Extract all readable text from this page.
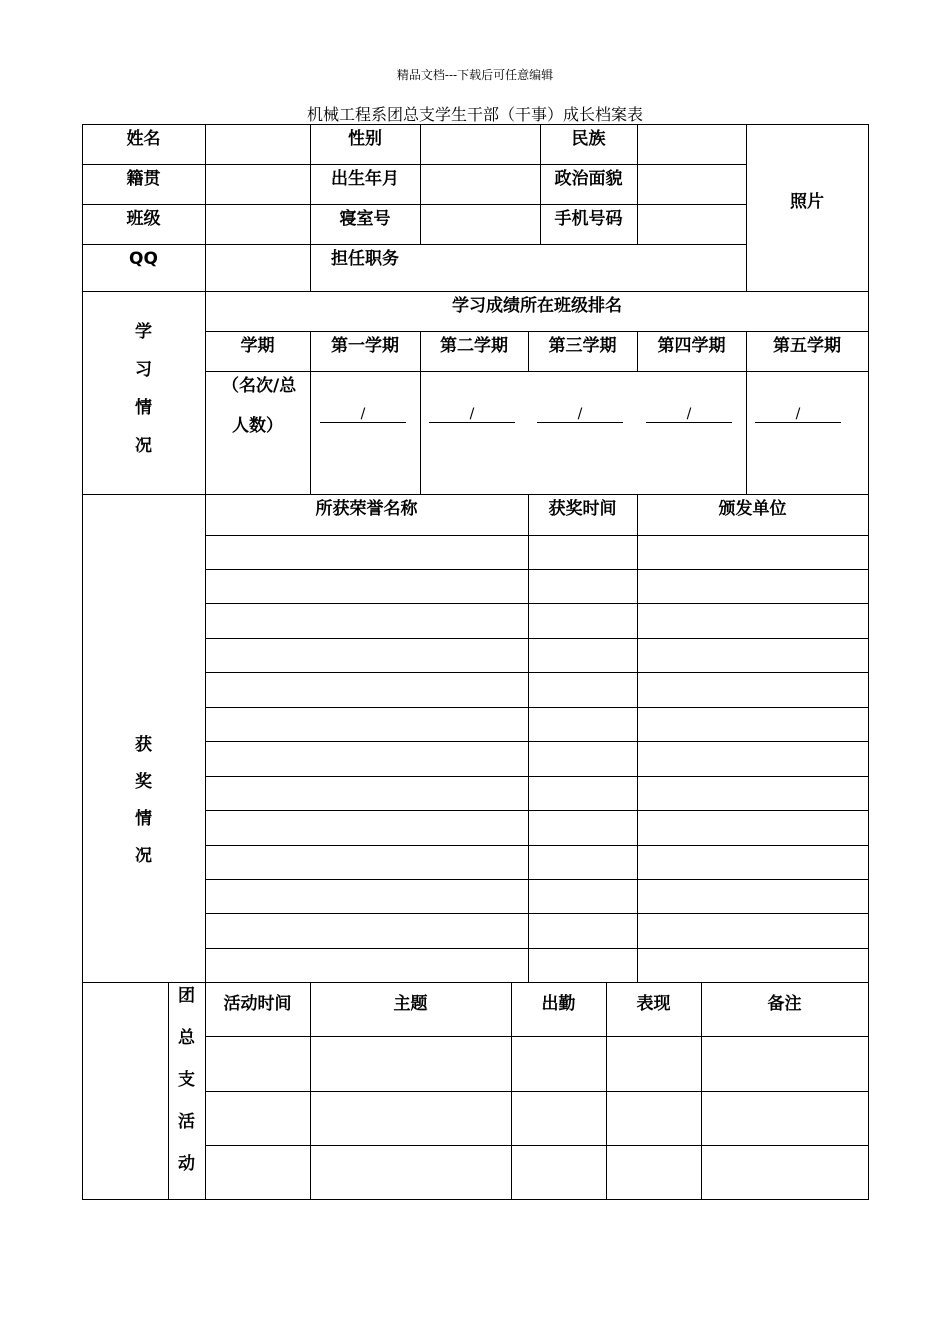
精品文档---下载后可任意编辑
机械工程系团总支学生干部（干事）成长档案表
姓名	性别	民族
籍贯	出生年月	政治面貌
班级	寝室号	手机号码
QQ	担任职务
照片
学
习
情
况
学习成绩所在班级排名
学期	第一学期	第二学期	第三学期	第四学期	第五学期
（名次/总
人数）
/	/	/	/	/
获
奖
情
况
所获荣誉名称	获奖时间	颁发单位
团
总
支
活
动
活动时间	主题	出勤	表现	备注
